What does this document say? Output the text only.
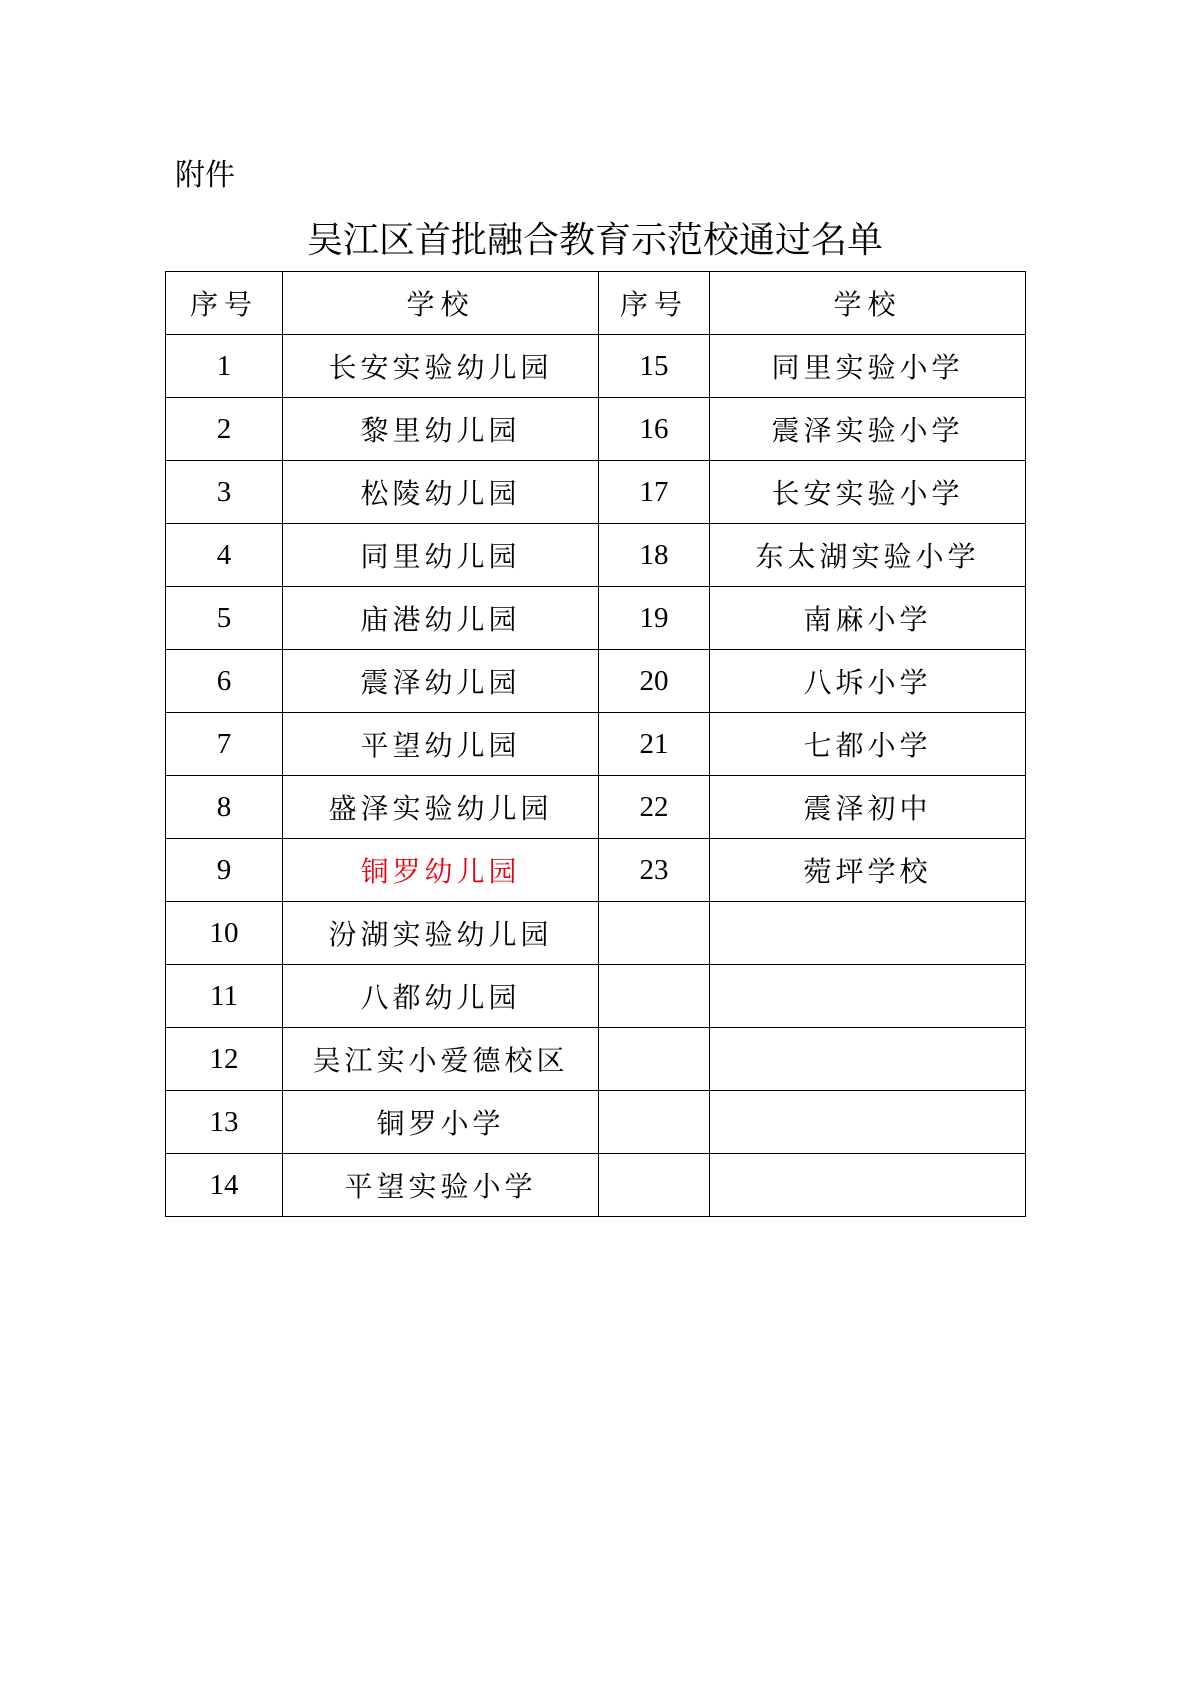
附件
吴江区首批融合教育示范校通过名单
序号	学校	序号	学校
1	长安实验幼儿园	15	同里实验小学
2	黎里幼儿园	16	震泽实验小学
3	松陵幼儿园	17	长安实验小学
4	同里幼儿园	18	东太湖实验小学
5	庙港幼儿园	19	南麻小学
6	震泽幼儿园	20	八坼小学
7	平望幼儿园	21	七都小学
8	盛泽实验幼儿园	22	震泽初中
9	铜罗幼儿园	23	菀坪学校
10	汾湖实验幼儿园		
11	八都幼儿园		
12	吴江实小爱德校区		
13	铜罗小学		
14	平望实验小学		
